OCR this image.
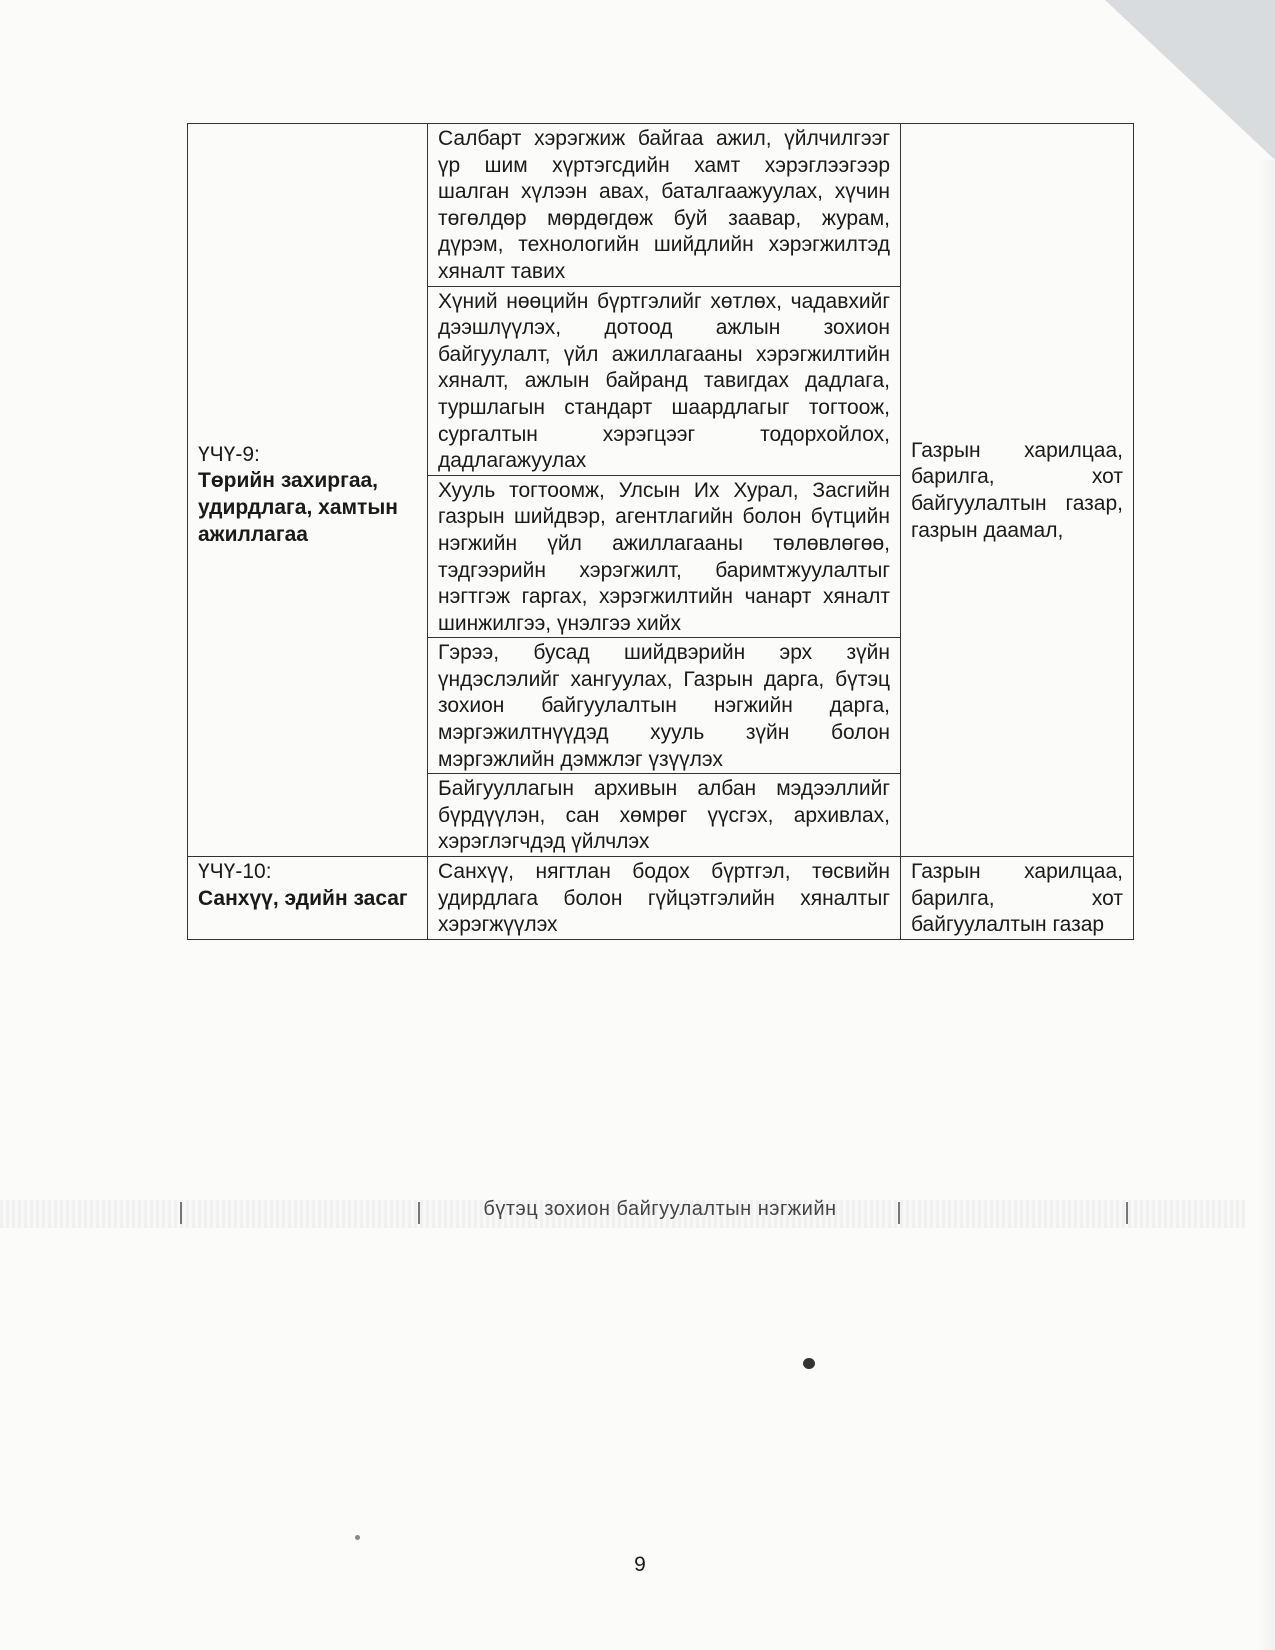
ҮЧҮ-9:
Төрийн захиргаа, удирдлага, хамтын ажиллагаа	Салбарт хэрэгжиж байгаа ажил, үйлчилгээг үр шим хүртэгсдийн хамт хэрэглээгээр шалган хүлээн авах, баталгаажуулах, хүчин төгөлдөр мөрдөгдөж буй заавар, журам, дүрэм, технологийн шийдлийн хэрэгжилтэд хяналт тавих	Газрын харилцаа, барилга, хот байгуулалтын газар, газрын даамал,
	Хүний нөөцийн бүртгэлийг хөтлөх, чадавхийг дээшлүүлэх, дотоод ажлын зохион байгуулалт, үйл ажиллагааны хэрэгжилтийн хяналт, ажлын байранд тавигдах дадлага, туршлагын стандарт шаардлагыг тогтоож, сургалтын хэрэгцээг тодорхойлох, дадлагажуулах	
	Хууль тогтоомж, Улсын Их Хурал, Засгийн газрын шийдвэр, агентлагийн болон бүтцийн нэгжийн үйл ажиллагааны төлөвлөгөө, тэдгээрийн хэрэгжилт, баримтжуулалтыг нэгтгэж гаргах, хэрэгжилтийн чанарт хяналт шинжилгээ, үнэлгээ хийх	
	Гэрээ, бусад шийдвэрийн эрх зүйн үндэслэлийг хангуулах, Газрын дарга, бүтэц зохион байгуулалтын нэгжийн дарга, мэргэжилтнүүдэд хууль зүйн болон мэргэжлийн дэмжлэг үзүүлэх	
	Байгууллагын архивын албан мэдээллийг бүрдүүлэн, сан хөмрөг үүсгэх, архивлах, хэрэглэгчдэд үйлчлэх	

ҮЧҮ-10:
Санхүү, эдийн засаг	Санхүү, нягтлан бодох бүртгэл, төсвийн удирдлага болон гүйцэтгэлийн хяналтыг хэрэгжүүлэх	Газрын харилцаа, барилга, хот байгуулалтын газар
бүтэц зохион байгуулалтын нэгжийн
9
